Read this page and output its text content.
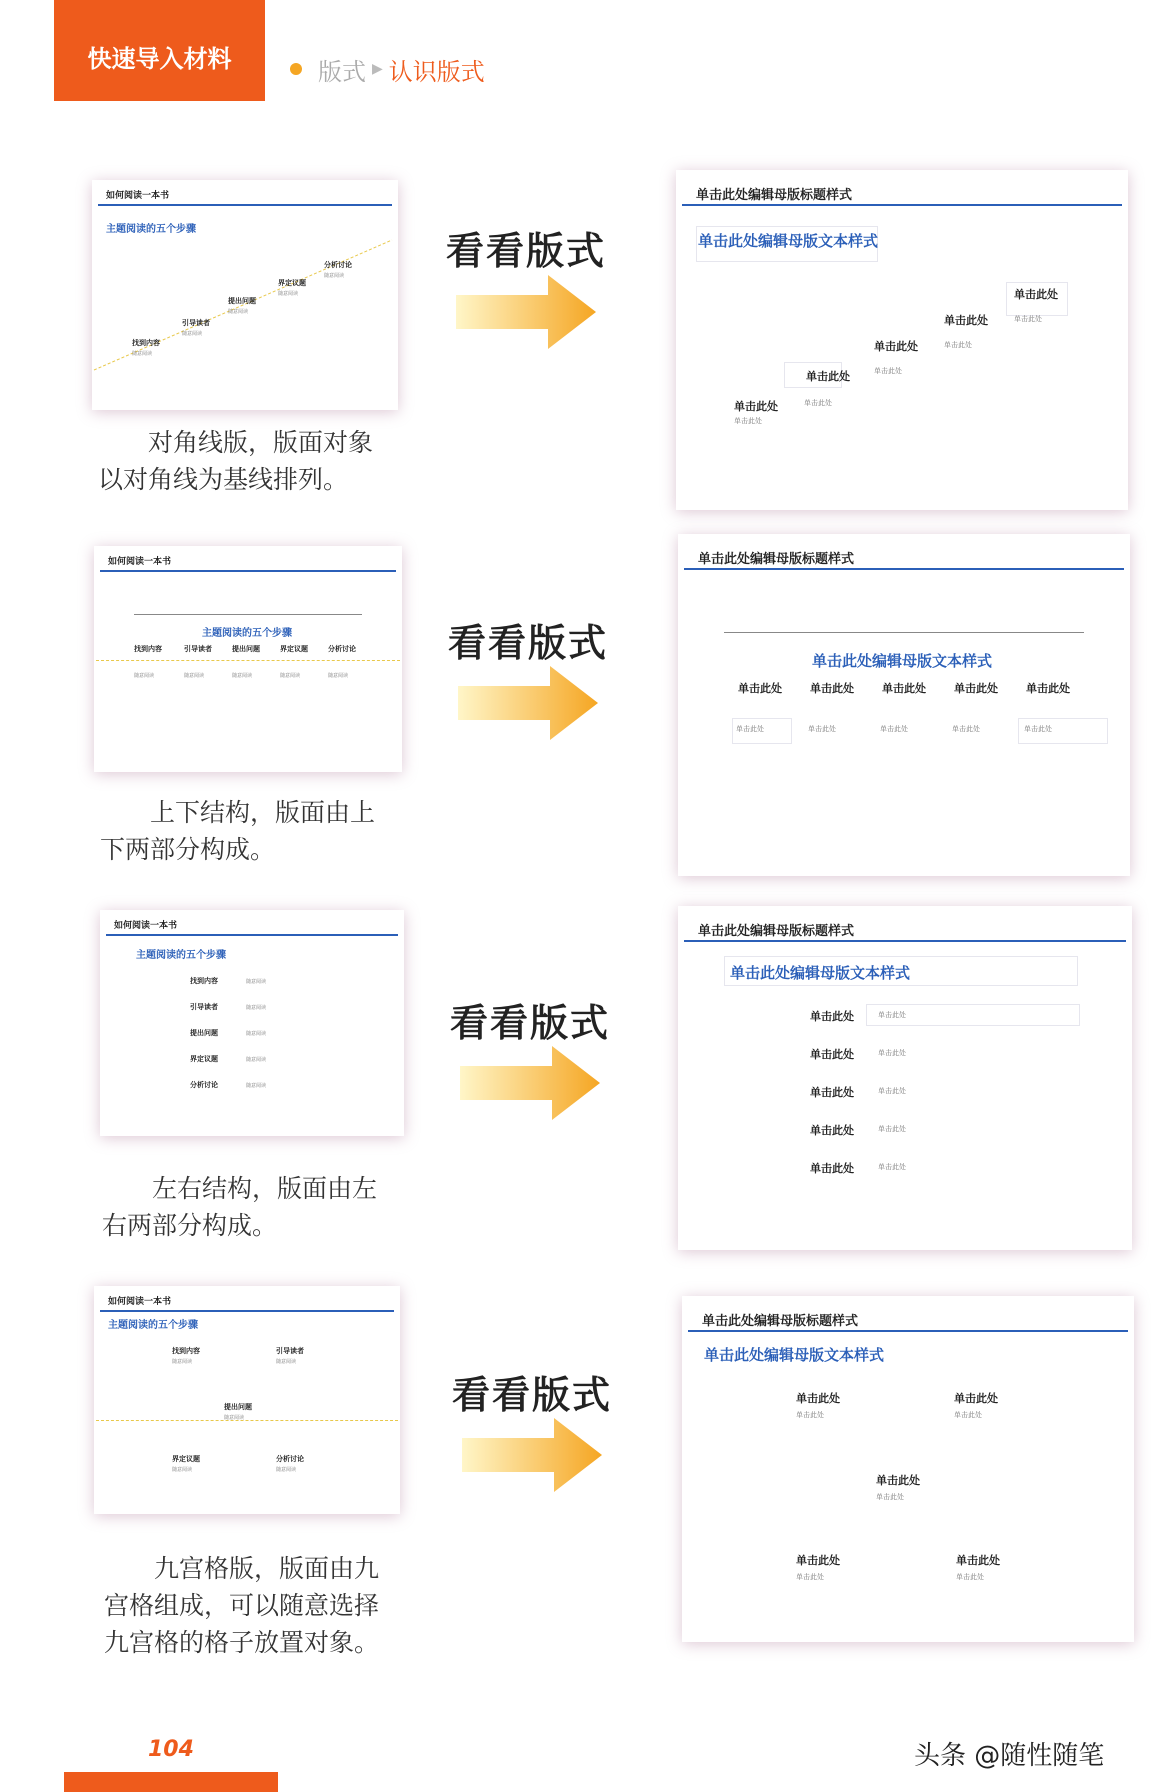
快速导入材料	版式 ▶ 认识版式
如何阅读一本书
主题阅读的五个步骤
找到内容
随意阅读
引导读者
随意阅读
提出问题
随意阅读
界定议题
随意阅读
分析讨论
随意阅读
看看版式
单击此处编辑母版标题样式
单击此处编辑母版文本样式
单击此处
单击此处
单击此处
单击此处
单击此处
单击此处
单击此处
单击此处
单击此处
单击此处
对角线版，版面对象
以对角线为基线排列。
如何阅读一本书
主题阅读的五个步骤
找到内容	引导读者	提出问题	界定议题	分析讨论
随意阅读	随意阅读	随意阅读	随意阅读	随意阅读
看看版式
单击此处编辑母版标题样式
单击此处编辑母版文本样式
单击此处	单击此处	单击此处	单击此处	单击此处
单击此处	单击此处	单击此处	单击此处	单击此处
上下结构，版面由上
下两部分构成。
如何阅读一本书
主题阅读的五个步骤
找到内容	随意阅读
引导读者	随意阅读
提出问题	随意阅读
界定议题	随意阅读
分析讨论	随意阅读
看看版式
单击此处编辑母版标题样式
单击此处编辑母版文本样式
单击此处	单击此处
单击此处	单击此处
单击此处	单击此处
单击此处	单击此处
单击此处	单击此处
左右结构，版面由左
右两部分构成。
如何阅读一本书
主题阅读的五个步骤
找到内容
随意阅读
引导读者
随意阅读
提出问题
随意阅读
界定议题
随意阅读
分析讨论
随意阅读
看看版式
单击此处编辑母版标题样式
单击此处编辑母版文本样式
单击此处
单击此处
单击此处
单击此处
单击此处
单击此处
单击此处
单击此处
单击此处
单击此处
九宫格版，版面由九
宫格组成，可以随意选择
九宫格的格子放置对象。
104	头条 @随性随笔
